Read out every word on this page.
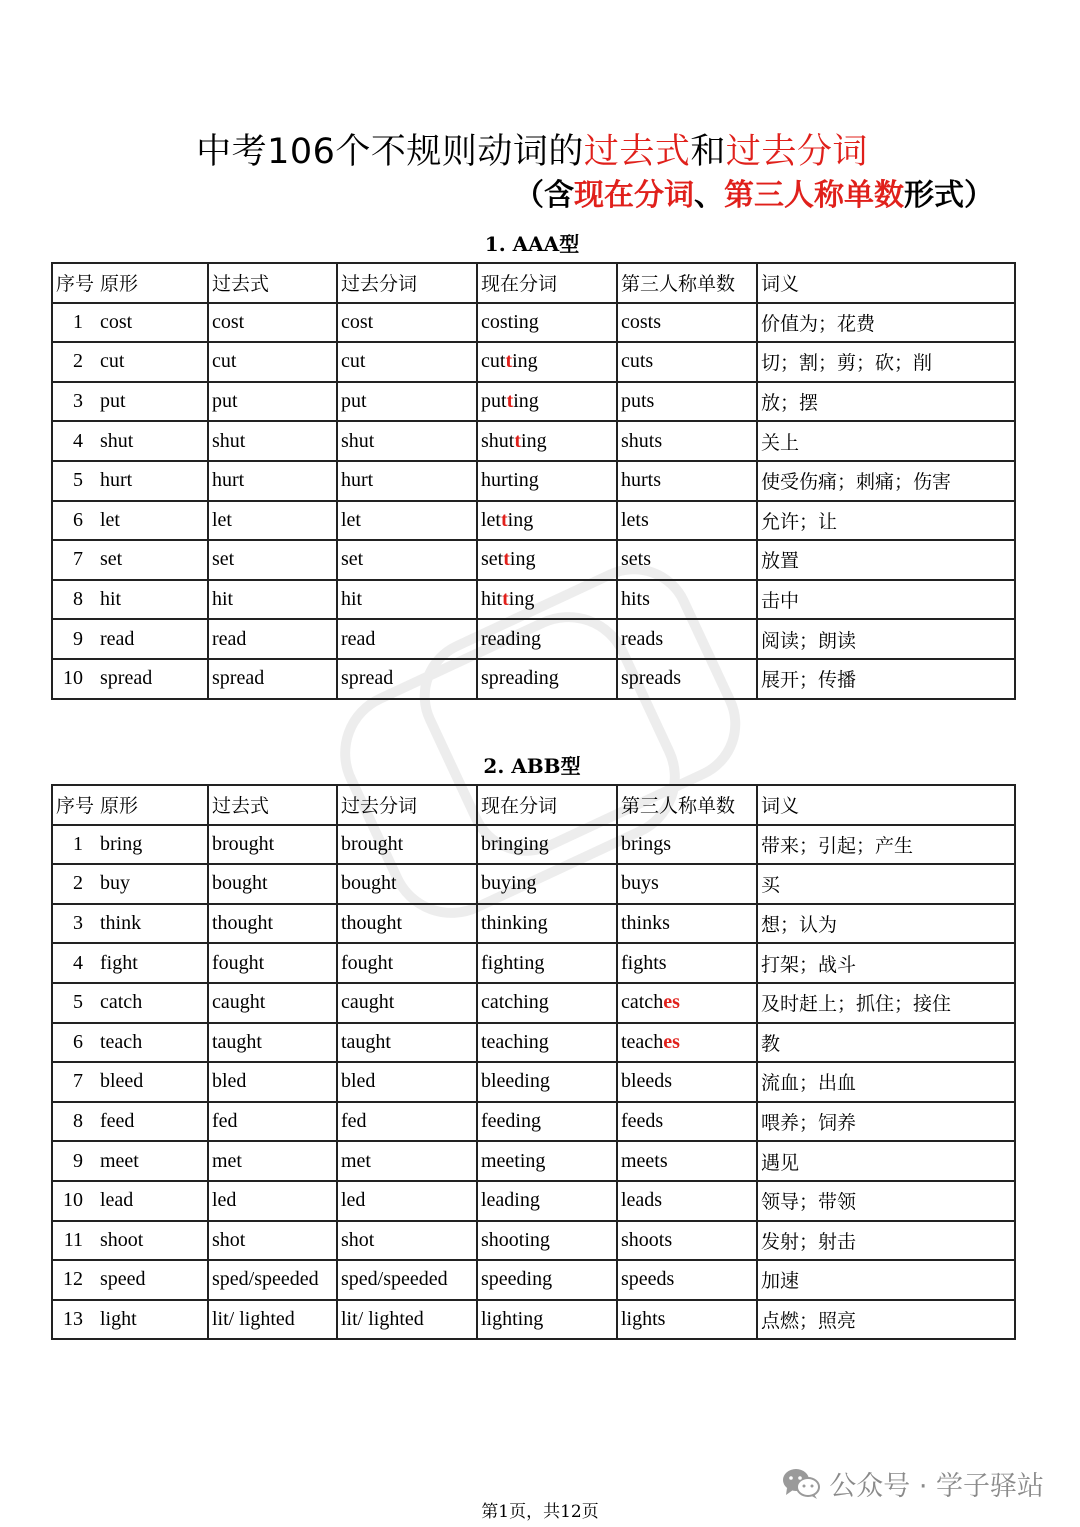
中考106个不规则动词的过去式和过去分词
（含现在分词、第三人称单数形式）
1. AAA型
序号	原形	过去式	过去分词	现在分词	第三人称单数	词义
1	cost	cost	cost	costing	costs	价值为；花费
2	cut	cut	cut	cutting	cuts	切；割；剪；砍；削
3	put	put	put	putting	puts	放；摆
4	shut	shut	shut	shutting	shuts	关上
5	hurt	hurt	hurt	hurting	hurts	使受伤痛；刺痛；伤害
6	let	let	let	letting	lets	允许；让
7	set	set	set	setting	sets	放置
8	hit	hit	hit	hitting	hits	击中
9	read	read	read	reading	reads	阅读；朗读
10	spread	spread	spread	spreading	spreads	展开；传播
2. ABB型
序号	原形	过去式	过去分词	现在分词	第三人称单数	词义
1	bring	brought	brought	bringing	brings	带来；引起；产生
2	buy	bought	bought	buying	buys	买
3	think	thought	thought	thinking	thinks	想；认为
4	fight	fought	fought	fighting	fights	打架；战斗
5	catch	caught	caught	catching	catches	及时赶上；抓住；接住
6	teach	taught	taught	teaching	teaches	教
7	bleed	bled	bled	bleeding	bleeds	流血；出血
8	feed	fed	fed	feeding	feeds	喂养；饲养
9	meet	met	met	meeting	meets	遇见
10	lead	led	led	leading	leads	领导；带领
11	shoot	shot	shot	shooting	shoots	发射；射击
12	speed	sped/speeded	sped/speeded	speeding	speeds	加速
13	light	lit/ lighted	lit/ lighted	lighting	lights	点燃；照亮
公众号 · 学子驿站
第1页，共12页
